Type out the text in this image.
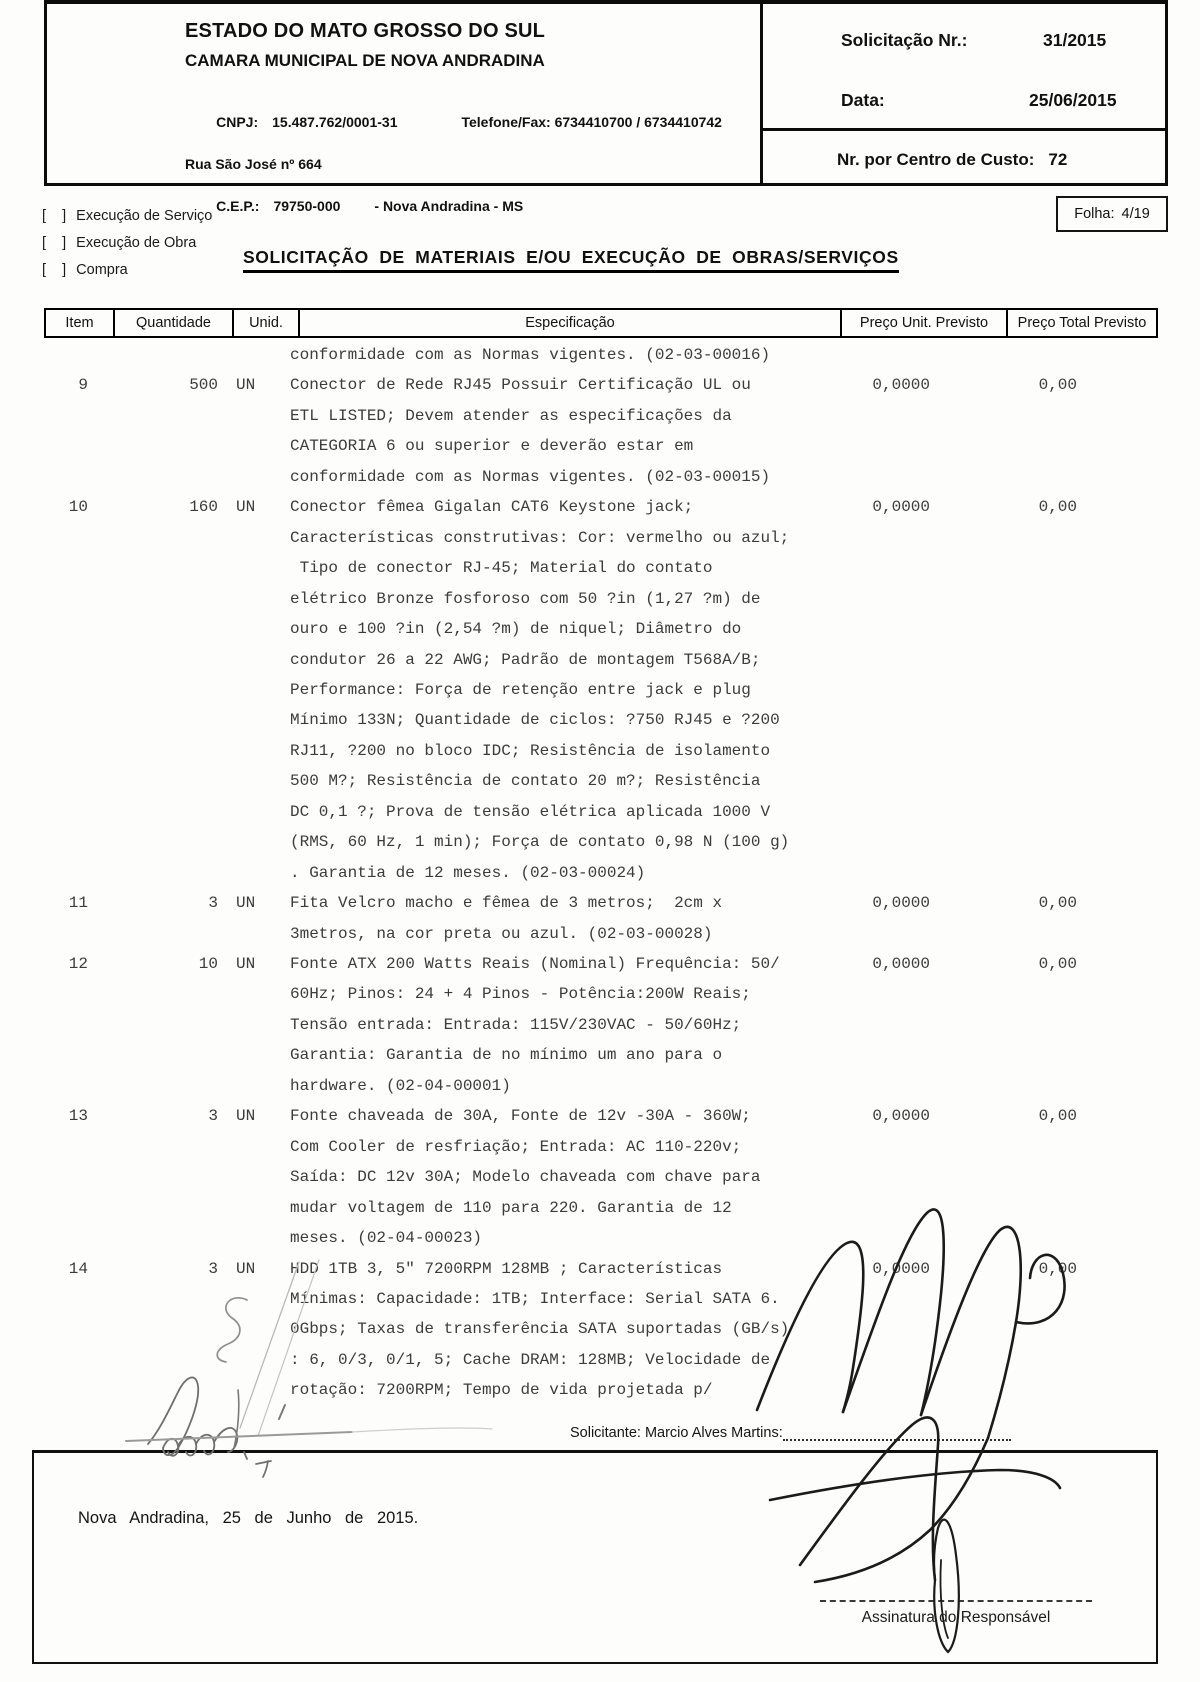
ESTADO DO MATO GROSSO DO SUL
CAMARA MUNICIPAL DE NOVA ANDRADINA

CNPJ: 15.487.762/0001-31	Telefone/Fax: 6734410700 / 6734410742

Rua São José nº 664

C.E.P.: 79750-000 - Nova Andradina - MS

Solicitação Nr.:	31/2015
Data:	25/06/2015
Nr. por Centro de Custo: 72
Folha: 4/19
[   ] Execução de Serviço
[   ] Execução de Obra
[   ] Compra
SOLICITAÇÃO DE MATERIAIS E/OU EXECUÇÃO DE OBRAS/SERVIÇOS
Item	Quantidade	Unid.	Especificação	Preço Unit. Previsto	Preço Total Previsto
conformidade com as Normas vigentes. (02-03-00016)
9	500 UN Conector de Rede RJ45 Possuir Certificação UL ou	0,0000	0,00
ETL LISTED; Devem atender as especificações da
CATEGORIA 6 ou superior e deverão estar em
conformidade com as Normas vigentes. (02-03-00015)
10	160 UN Conector fêmea Gigalan CAT6 Keystone jack;	0,0000	0,00
Características construtivas: Cor: vermelho ou azul;
Tipo de conector RJ-45; Material do contato
elétrico Bronze fosforoso com 50 ?in (1,27 ?m) de
ouro e 100 ?in (2,54 ?m) de niquel; Diâmetro do
condutor 26 a 22 AWG; Padrão de montagem T568A/B;
Performance: Força de retenção entre jack e plug
Mínimo 133N; Quantidade de ciclos: ?750 RJ45 e ?200
RJ11, ?200 no bloco IDC; Resistência de isolamento
500 M?; Resistência de contato 20 m?; Resistência
DC 0,1 ?; Prova de tensão elétrica aplicada 1000 V
(RMS, 60 Hz, 1 min); Força de contato 0,98 N (100 g)
. Garantia de 12 meses. (02-03-00024)
11	3 UN Fita Velcro macho e fêmea de 3 metros;  2cm x	0,0000	0,00
3metros, na cor preta ou azul. (02-03-00028)
12	10 UN Fonte ATX 200 Watts Reais (Nominal) Frequência: 50/	0,0000	0,00
60Hz; Pinos: 24 + 4 Pinos - Potência:200W Reais;
Tensão entrada: Entrada: 115V/230VAC - 50/60Hz;
Garantia: Garantia de no mínimo um ano para o
hardware. (02-04-00001)
13	3 UN Fonte chaveada de 30A, Fonte de 12v -30A - 360W;	0,0000	0,00
Com Cooler de resfriação; Entrada: AC 110-220v;
Saída: DC 12v 30A; Modelo chaveada com chave para
mudar voltagem de 110 para 220. Garantia de 12
meses. (02-04-00023)
14	3 UN HDD 1TB 3, 5" 7200RPM 128MB ; Características	0,0000	0,00
Mínimas: Capacidade: 1TB; Interface: Serial SATA 6.
0Gbps; Taxas de transferência SATA suportadas (GB/s)
: 6, 0/3, 0/1, 5; Cache DRAM: 128MB; Velocidade de
rotação: 7200RPM; Tempo de vida projetada p/
Solicitante: Marcio Alves Martins:
Nova Andradina, 25 de Junho de 2015.
Assinatura do Responsável
